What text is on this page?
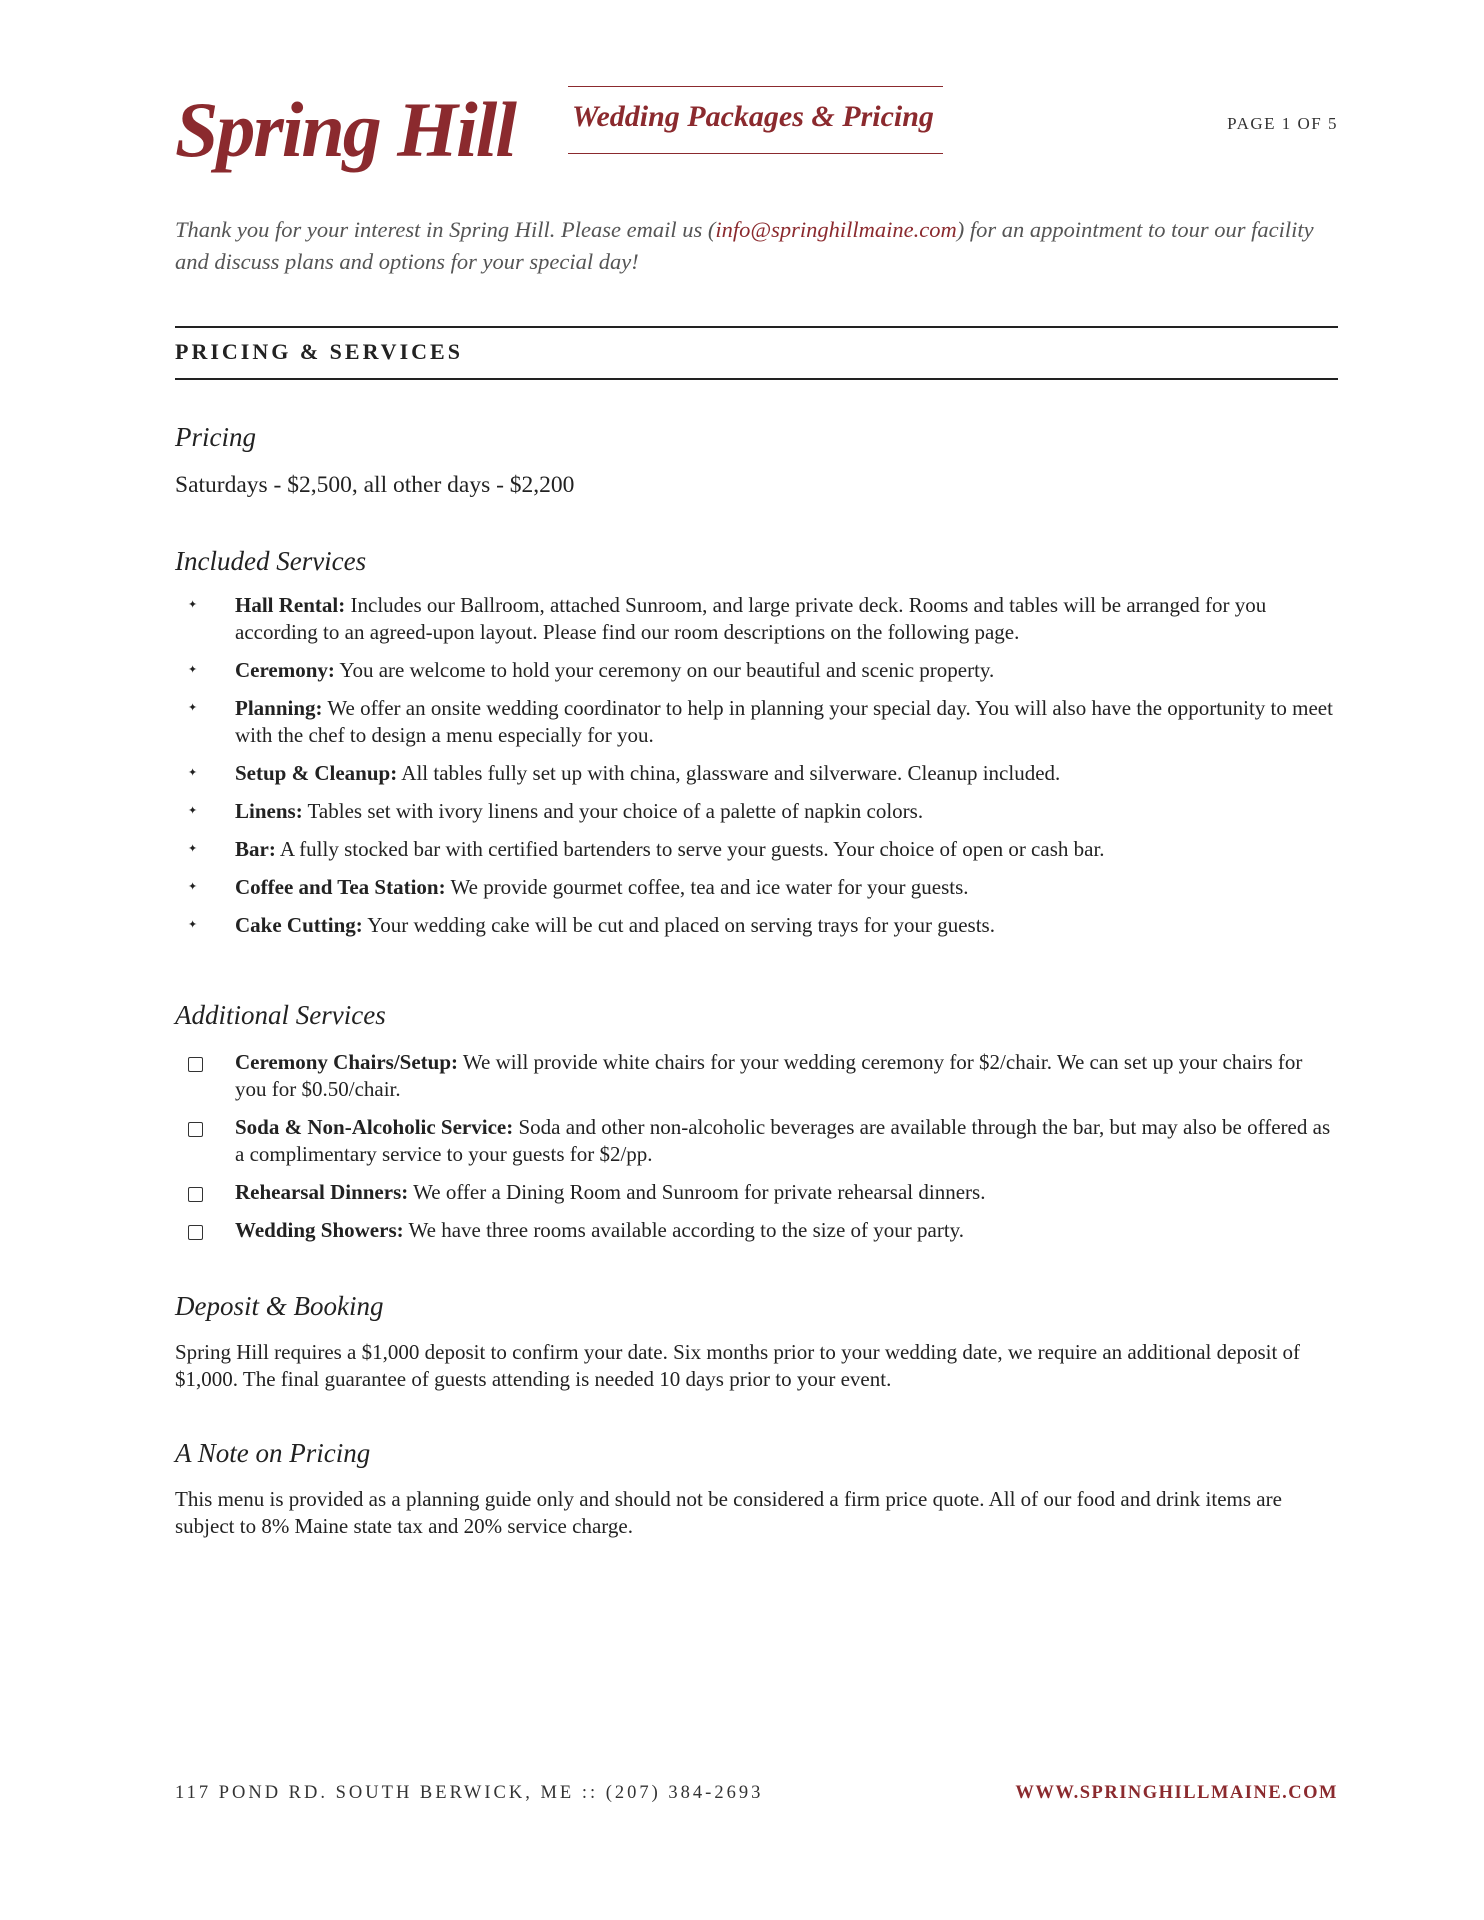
Spring Hill Wedding Packages & Pricing	PAGE 1 OF 5
Thank you for your interest in Spring Hill. Please email us (info@springhillmaine.com) for an appointment to tour our facility and discuss plans and options for your special day!
PRICING & SERVICES
Pricing
Saturdays - $2,500, all other days - $2,200
Included Services
✦ Hall Rental: Includes our Ballroom, attached Sunroom, and large private deck. Rooms and tables will be arranged for you according to an agreed-upon layout. Please find our room descriptions on the following page.
✦ Ceremony: You are welcome to hold your ceremony on our beautiful and scenic property.
✦ Planning: We offer an onsite wedding coordinator to help in planning your special day. You will also have the opportunity to meet with the chef to design a menu especially for you.
✦ Setup & Cleanup: All tables fully set up with china, glassware and silverware. Cleanup included.
✦ Linens: Tables set with ivory linens and your choice of a palette of napkin colors.
✦ Bar: A fully stocked bar with certified bartenders to serve your guests. Your choice of open or cash bar.
✦ Coffee and Tea Station: We provide gourmet coffee, tea and ice water for your guests.
✦ Cake Cutting: Your wedding cake will be cut and placed on serving trays for your guests.
Additional Services
Ceremony Chairs/Setup: We will provide white chairs for your wedding ceremony for $2/chair. We can set up your chairs for you for $0.50/chair.
Soda & Non-Alcoholic Service: Soda and other non-alcoholic beverages are available through the bar, but may also be offered as a complimentary service to your guests for $2/pp.
Rehearsal Dinners: We offer a Dining Room and Sunroom for private rehearsal dinners.
Wedding Showers: We have three rooms available according to the size of your party.
Deposit & Booking
Spring Hill requires a $1,000 deposit to confirm your date. Six months prior to your wedding date, we require an additional deposit of $1,000. The final guarantee of guests attending is needed 10 days prior to your event.
A Note on Pricing
This menu is provided as a planning guide only and should not be considered a firm price quote. All of our food and drink items are subject to 8% Maine state tax and 20% service charge.
117 POND RD. SOUTH BERWICK, ME :: (207) 384-2693	WWW.SPRINGHILLMAINE.COM
